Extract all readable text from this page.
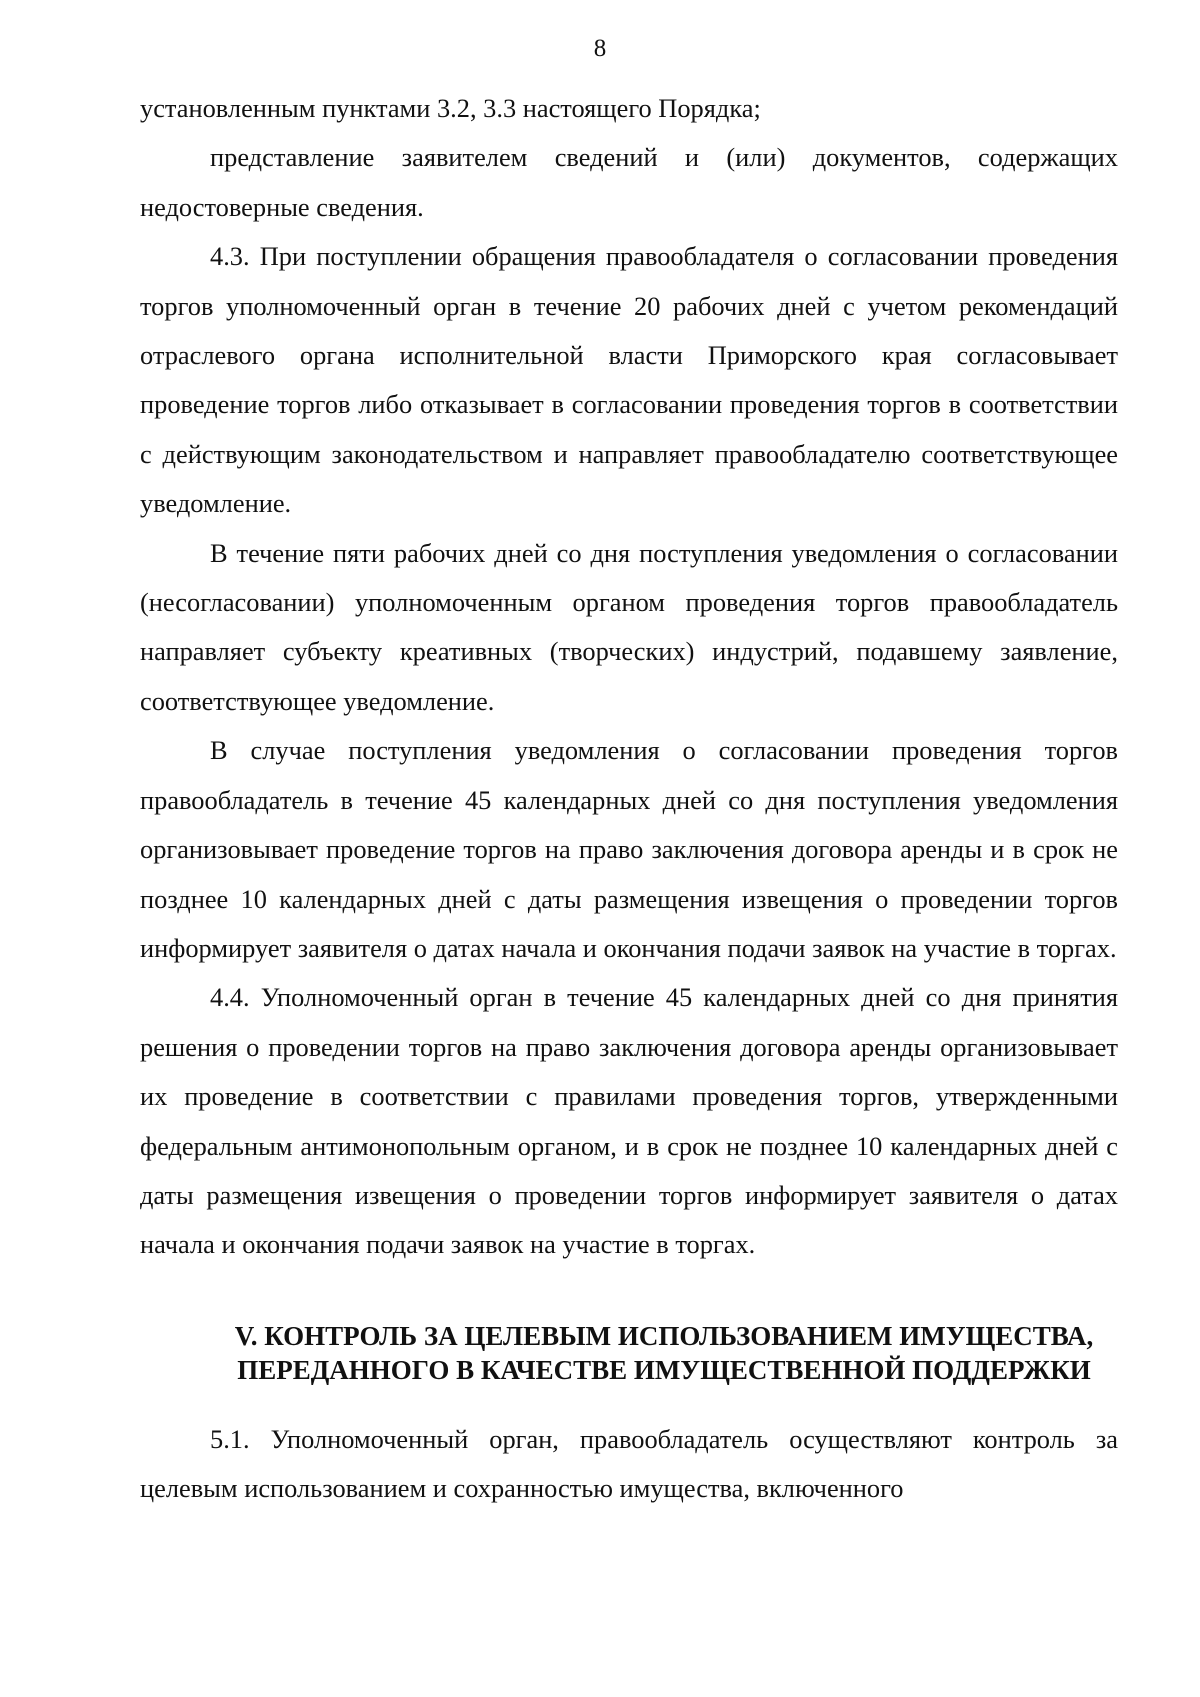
8

установленным пунктами 3.2, 3.3 настоящего Порядка;

представление заявителем сведений и (или) документов, содержащих недостоверные сведения.

4.3. При поступлении обращения правообладателя о согласовании проведения торгов уполномоченный орган в течение 20 рабочих дней с учетом рекомендаций отраслевого органа исполнительной власти Приморского края согласовывает проведение торгов либо отказывает в согласовании проведения торгов в соответствии с действующим законодательством и направляет правообладателю соответствующее уведомление.

В течение пяти рабочих дней со дня поступления уведомления о согласовании (несогласовании) уполномоченным органом проведения торгов правообладатель направляет субъекту креативных (творческих) индустрий, подавшему заявление, соответствующее уведомление.

В случае поступления уведомления о согласовании проведения торгов правообладатель в течение 45 календарных дней со дня поступления уведомления организовывает проведение торгов на право заключения договора аренды и в срок не позднее 10 календарных дней с даты размещения извещения о проведении торгов информирует заявителя о датах начала и окончания подачи заявок на участие в торгах.

4.4. Уполномоченный орган в течение 45 календарных дней со дня принятия решения о проведении торгов на право заключения договора аренды организовывает их проведение в соответствии с правилами проведения торгов, утвержденными федеральным антимонопольным органом, и в срок не позднее 10 календарных дней с даты размещения извещения о проведении торгов информирует заявителя о датах начала и окончания подачи заявок на участие в торгах.

V. КОНТРОЛЬ ЗА ЦЕЛЕВЫМ ИСПОЛЬЗОВАНИЕМ ИМУЩЕСТВА,
ПЕРЕДАННОГО В КАЧЕСТВЕ ИМУЩЕСТВЕННОЙ ПОДДЕРЖКИ

5.1. Уполномоченный орган, правообладатель осуществляют контроль за целевым использованием и сохранностью имущества, включенного
